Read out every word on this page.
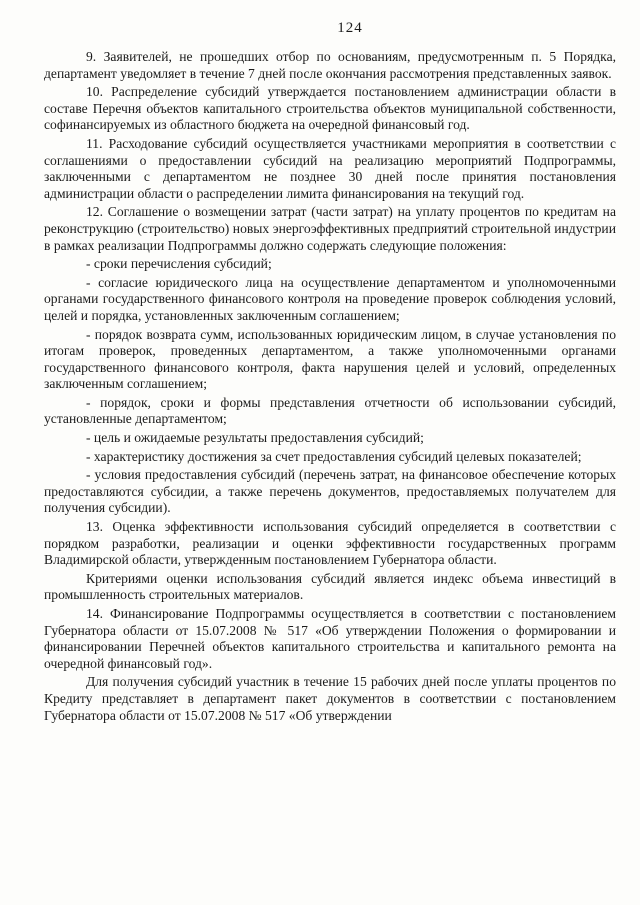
124

9. Заявителей, не прошедших отбор по основаниям, предусмотренным п. 5 Порядка, департамент уведомляет в течение 7 дней после окончания рассмотрения представленных заявок.

10. Распределение субсидий утверждается постановлением администрации области в составе Перечня объектов капитального строительства объектов муниципальной собственности, софинансируемых из областного бюджета на очередной финансовый год.

11. Расходование субсидий осуществляется участниками мероприятия в соответствии с соглашениями о предоставлении субсидий на реализацию мероприятий Подпрограммы, заключенными с департаментом не позднее 30 дней после принятия постановления администрации области о распределении лимита финансирования на текущий год.

12. Соглашение о возмещении затрат (части затрат) на уплату процентов по кредитам на реконструкцию (строительство) новых энергоэффективных предприятий строительной индустрии в рамках реализации Подпрограммы должно содержать следующие положения:

- сроки перечисления субсидий;

- согласие юридического лица на осуществление департаментом и уполномоченными органами государственного финансового контроля на проведение проверок соблюдения условий, целей и порядка, установленных заключенным соглашением;

- порядок возврата сумм, использованных юридическим лицом, в случае установления по итогам проверок, проведенных департаментом, а также уполномоченными органами государственного финансового контроля, факта нарушения целей и условий, определенных заключенным соглашением;

- порядок, сроки и формы представления отчетности об использовании субсидий, установленные департаментом;

- цель и ожидаемые результаты предоставления субсидий;

- характеристику достижения за счет предоставления субсидий целевых показателей;

- условия предоставления субсидий (перечень затрат, на финансовое обеспечение которых предоставляются субсидии, а также перечень документов, предоставляемых получателем для получения субсидии).

13. Оценка эффективности использования субсидий определяется в соответствии с порядком разработки, реализации и оценки эффективности государственных программ Владимирской области, утвержденным постановлением Губернатора области.

Критериями оценки использования субсидий является индекс объема инвестиций в промышленность строительных материалов.

14. Финансирование Подпрограммы осуществляется в соответствии с постановлением Губернатора области от 15.07.2008 № 517 «Об утверждении Положения о формировании и финансировании Перечней объектов капитального строительства и капитального ремонта на очередной финансовый год».

Для получения субсидий участник в течение 15 рабочих дней после уплаты процентов по Кредиту представляет в департамент пакет документов в соответствии с постановлением Губернатора области от 15.07.2008 № 517 «Об утверждении
